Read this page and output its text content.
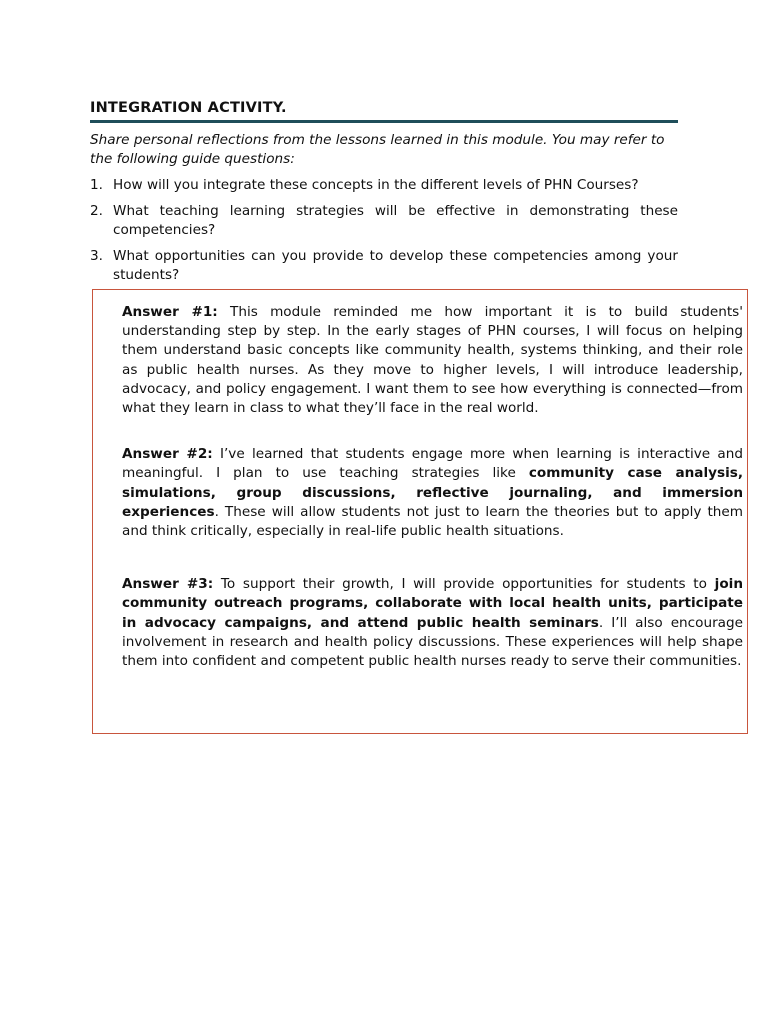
INTEGRATION ACTIVITY.

Share personal reflections from the lessons learned in this module. You may refer to the following guide questions:

1. How will you integrate these concepts in the different levels of PHN Courses?
2. What teaching learning strategies will be effective in demonstrating these competencies?
3. What opportunities can you provide to develop these competencies among your students?

Answer #1: This module reminded me how important it is to build students' understanding step by step. In the early stages of PHN courses, I will focus on helping them understand basic concepts like community health, systems thinking, and their role as public health nurses. As they move to higher levels, I will introduce leadership, advocacy, and policy engagement. I want them to see how everything is connected—from what they learn in class to what they’ll face in the real world.

Answer #2: I’ve learned that students engage more when learning is interactive and meaningful. I plan to use teaching strategies like community case analysis, simulations, group discussions, reflective journaling, and immersion experiences. These will allow students not just to learn the theories but to apply them and think critically, especially in real-life public health situations.

Answer #3: To support their growth, I will provide opportunities for students to join community outreach programs, collaborate with local health units, participate in advocacy campaigns, and attend public health seminars. I’ll also encourage involvement in research and health policy discussions. These experiences will help shape them into confident and competent public health nurses ready to serve their communities.
